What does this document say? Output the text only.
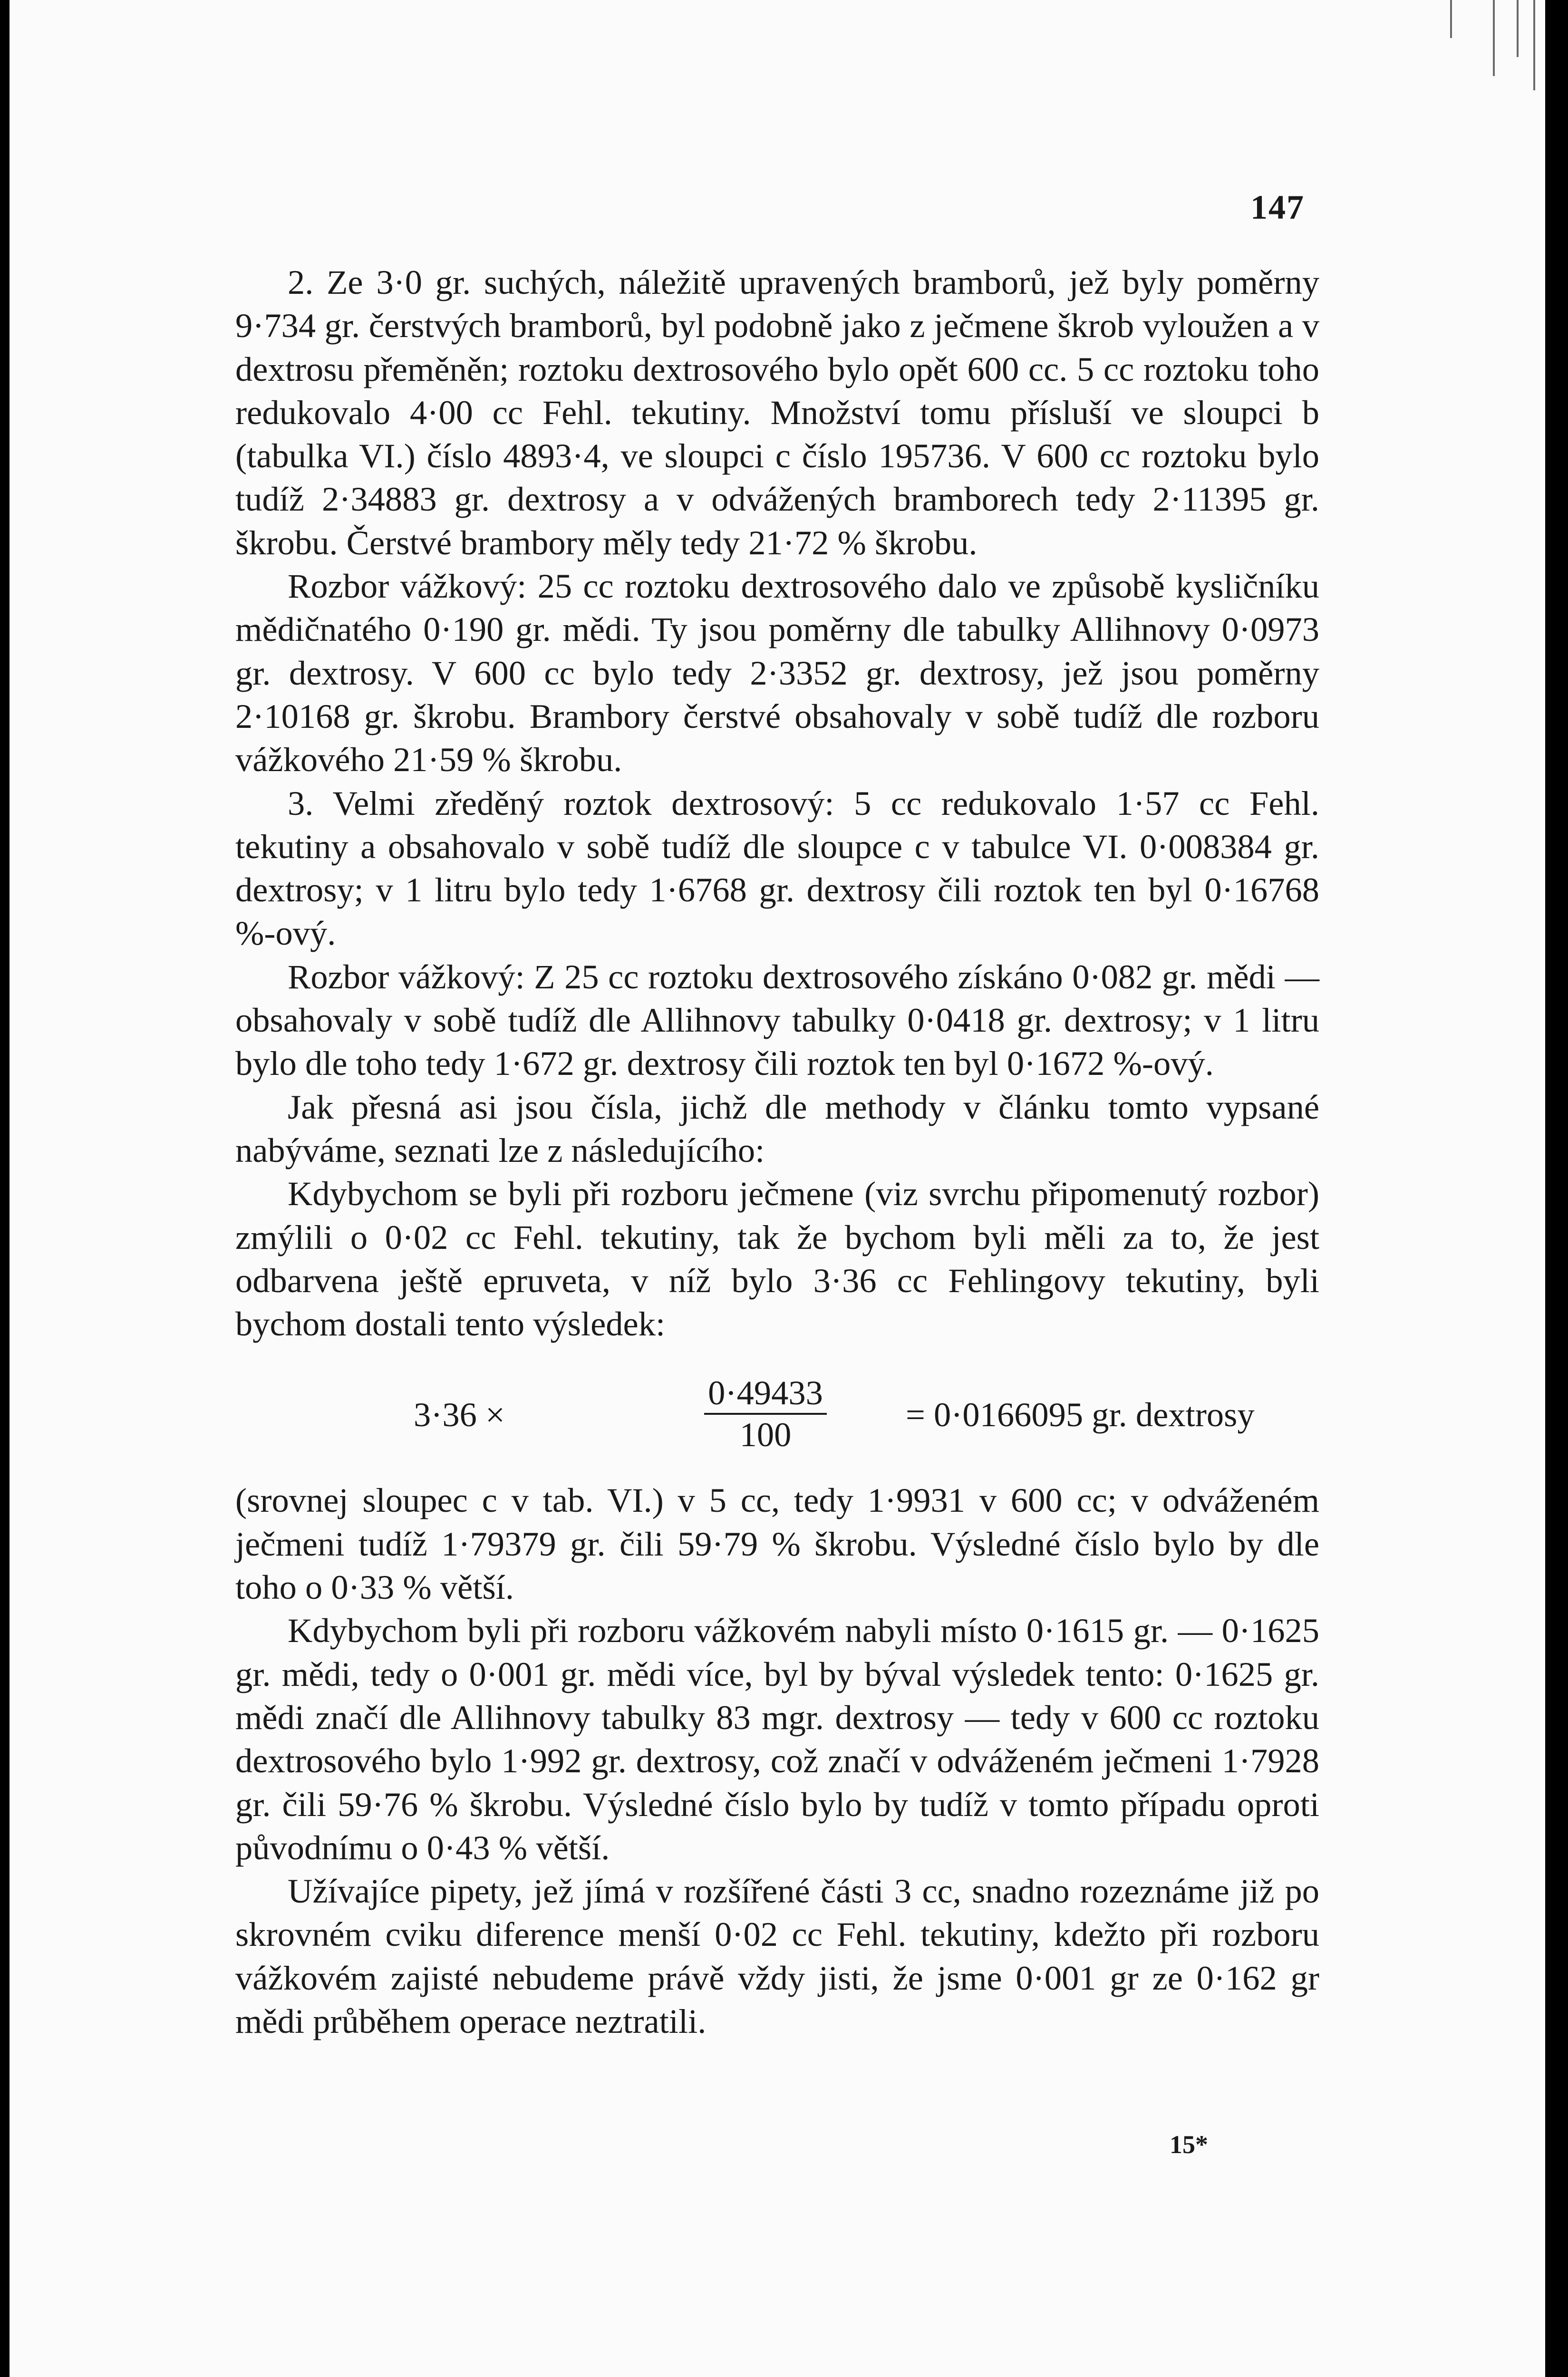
147

2. Ze 3·0 gr. suchých, náležitě upravených bramborů, jež byly poměrny 9·734 gr. čerstvých bramborů, byl podobně jako z ječmene škrob vyloužen a v dextrosu přeměněn; roztoku dextrosového bylo opět 600 cc. 5 cc roztoku toho redukovalo 4·00 cc Fehl. tekutiny. Množství tomu přísluší ve sloupci b (tabulka VI.) číslo 4893·4, ve sloupci c číslo 195736. V 600 cc roztoku bylo tudíž 2·34883 gr. dextrosy a v odvážených bramborech tedy 2·11395 gr. škrobu. Čerstvé brambory měly tedy 21·72 % škrobu.

Rozbor vážkový: 25 cc roztoku dextrosového dalo ve způsobě kysličníku mědičnatého 0·190 gr. mědi. Ty jsou poměrny dle tabulky Allihnovy 0·0973 gr. dextrosy. V 600 cc bylo tedy 2·3352 gr. dextrosy, jež jsou poměrny 2·10168 gr. škrobu. Brambory čerstvé obsahovaly v sobě tudíž dle rozboru vážkového 21·59 % škrobu.

3. Velmi zředěný roztok dextrosový: 5 cc redukovalo 1·57 cc Fehl. tekutiny a obsahovalo v sobě tudíž dle sloupce c v tabulce VI. 0·008384 gr. dextrosy; v 1 litru bylo tedy 1·6768 gr. dextrosy čili roztok ten byl 0·16768 %-ový.

Rozbor vážkový: Z 25 cc roztoku dextrosového získáno 0·082 gr. mědi — obsahovaly v sobě tudíž dle Allihnovy tabulky 0·0418 gr. dextrosy; v 1 litru bylo dle toho tedy 1·672 gr. dextrosy čili roztok ten byl 0·1672 %-ový.

Jak přesná asi jsou čísla, jichž dle methody v článku tomto vypsané nabýváme, seznati lze z následujícího:

Kdybychom se byli při rozboru ječmene (viz svrchu připomenutý rozbor) zmýlili o 0·02 cc Fehl. tekutiny, tak že bychom byli měli za to, že jest odbarvena ještě epruveta, v níž bylo 3·36 cc Fehlingovy tekutiny, byli bychom dostali tento výsledek:

3·36 ×	$\frac{0\cdot 49433}{100}$	= 0·0166095 gr. dextrosy

(srovnej sloupec c v tab. VI.) v 5 cc, tedy 1·9931 v 600 cc; v odváženém ječmeni tudíž 1·79379 gr. čili 59·79 % škrobu. Výsledné číslo bylo by dle toho o 0·33 % větší.

Kdybychom byli při rozboru vážkovém nabyli místo 0·1615 gr. — 0·1625 gr. mědi, tedy o 0·001 gr. mědi více, byl by býval výsledek tento: 0·1625 gr. mědi značí dle Allihnovy tabulky 83 mgr. dextrosy — tedy v 600 cc roztoku dextrosového bylo 1·992 gr. dextrosy, což značí v odváženém ječmeni 1·7928 gr. čili 59·76 % škrobu. Výsledné číslo bylo by tudíž v tomto případu oproti původnímu o 0·43 % větší.

Užívajíce pipety, jež jímá v rozšířené části 3 cc, snadno rozeznáme již po skrovném cviku diference menší 0·02 cc Fehl. tekutiny, kdežto při rozboru vážkovém zajisté nebudeme právě vždy jisti, že jsme 0·001 gr ze 0·162 gr mědi průběhem operace neztratili.

15*
